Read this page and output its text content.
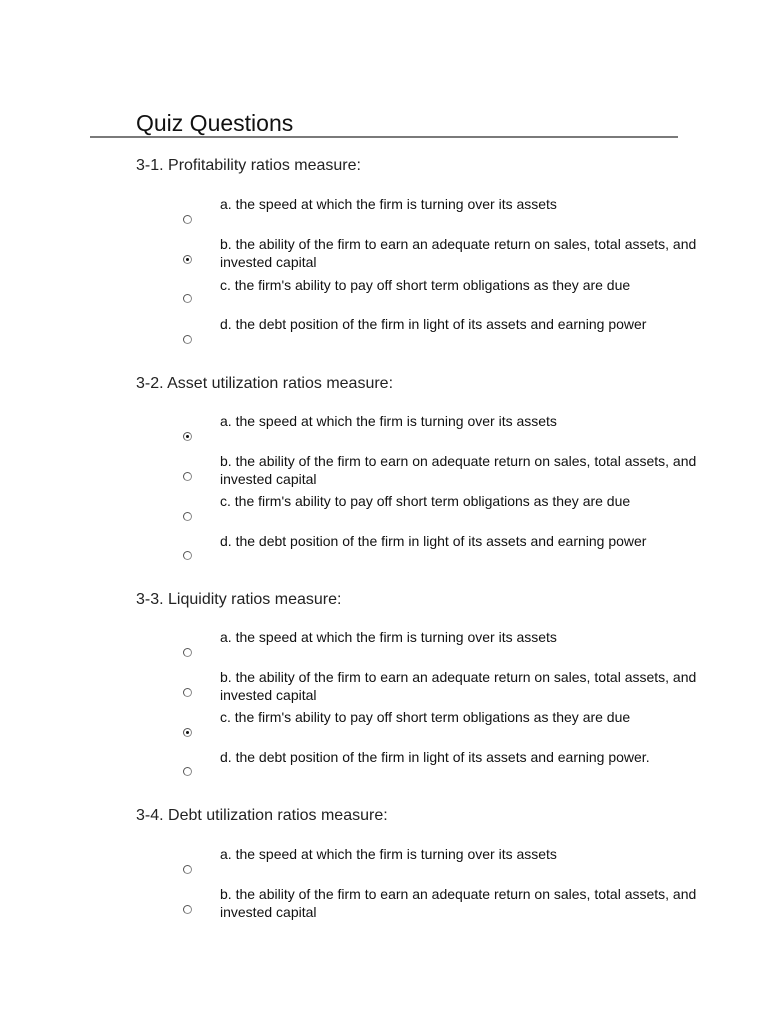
Quiz Questions
3-1. Profitability ratios measure:
a. the speed at which the firm is turning over its assets
b. the ability of the firm to earn an adequate return on sales, total assets, and invested capital
c. the firm's ability to pay off short term obligations as they are due
d. the debt position of the firm in light of its assets and earning power
3-2. Asset utilization ratios measure:
a. the speed at which the firm is turning over its assets
b. the ability of the firm to earn on adequate return on sales, total assets, and invested capital
c. the firm's ability to pay off short term obligations as they are due
d. the debt position of the firm in light of its assets and earning power
3-3. Liquidity ratios measure:
a. the speed at which the firm is turning over its assets
b. the ability of the firm to earn an adequate return on sales, total assets, and invested capital
c. the firm's ability to pay off short term obligations as they are due
d. the debt position of the firm in light of its assets and earning power.
3-4. Debt utilization ratios measure:
a. the speed at which the firm is turning over its assets
b. the ability of the firm to earn an adequate return on sales, total assets, and invested capital
